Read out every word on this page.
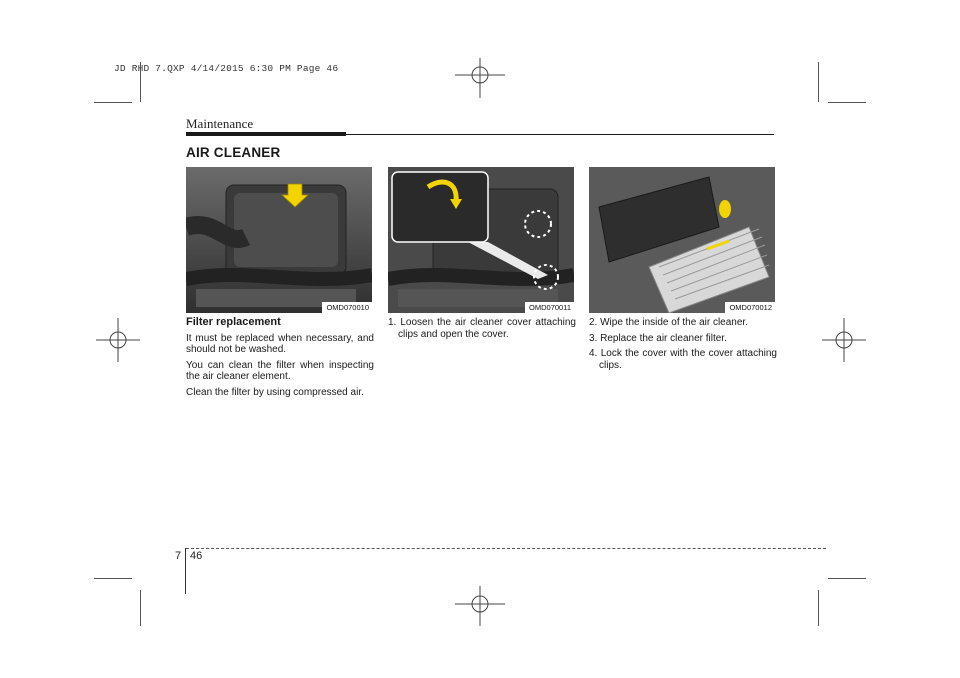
JD RHD 7.QXP 4/14/2015 6:30 PM Page 46
Maintenance
AIR CLEANER
OMD070010	OMD070011	OMD070012
Filter replacement

It must be replaced when necessary, and should not be washed.

You can clean the filter when inspecting the air cleaner element.

Clean the filter by using compressed air.

1. Loosen the air cleaner cover attaching clips and open the cover.

2. Wipe the inside of the air cleaner.

3. Replace the air cleaner filter.

4. Lock the cover with the cover attaching clips.

7 46
